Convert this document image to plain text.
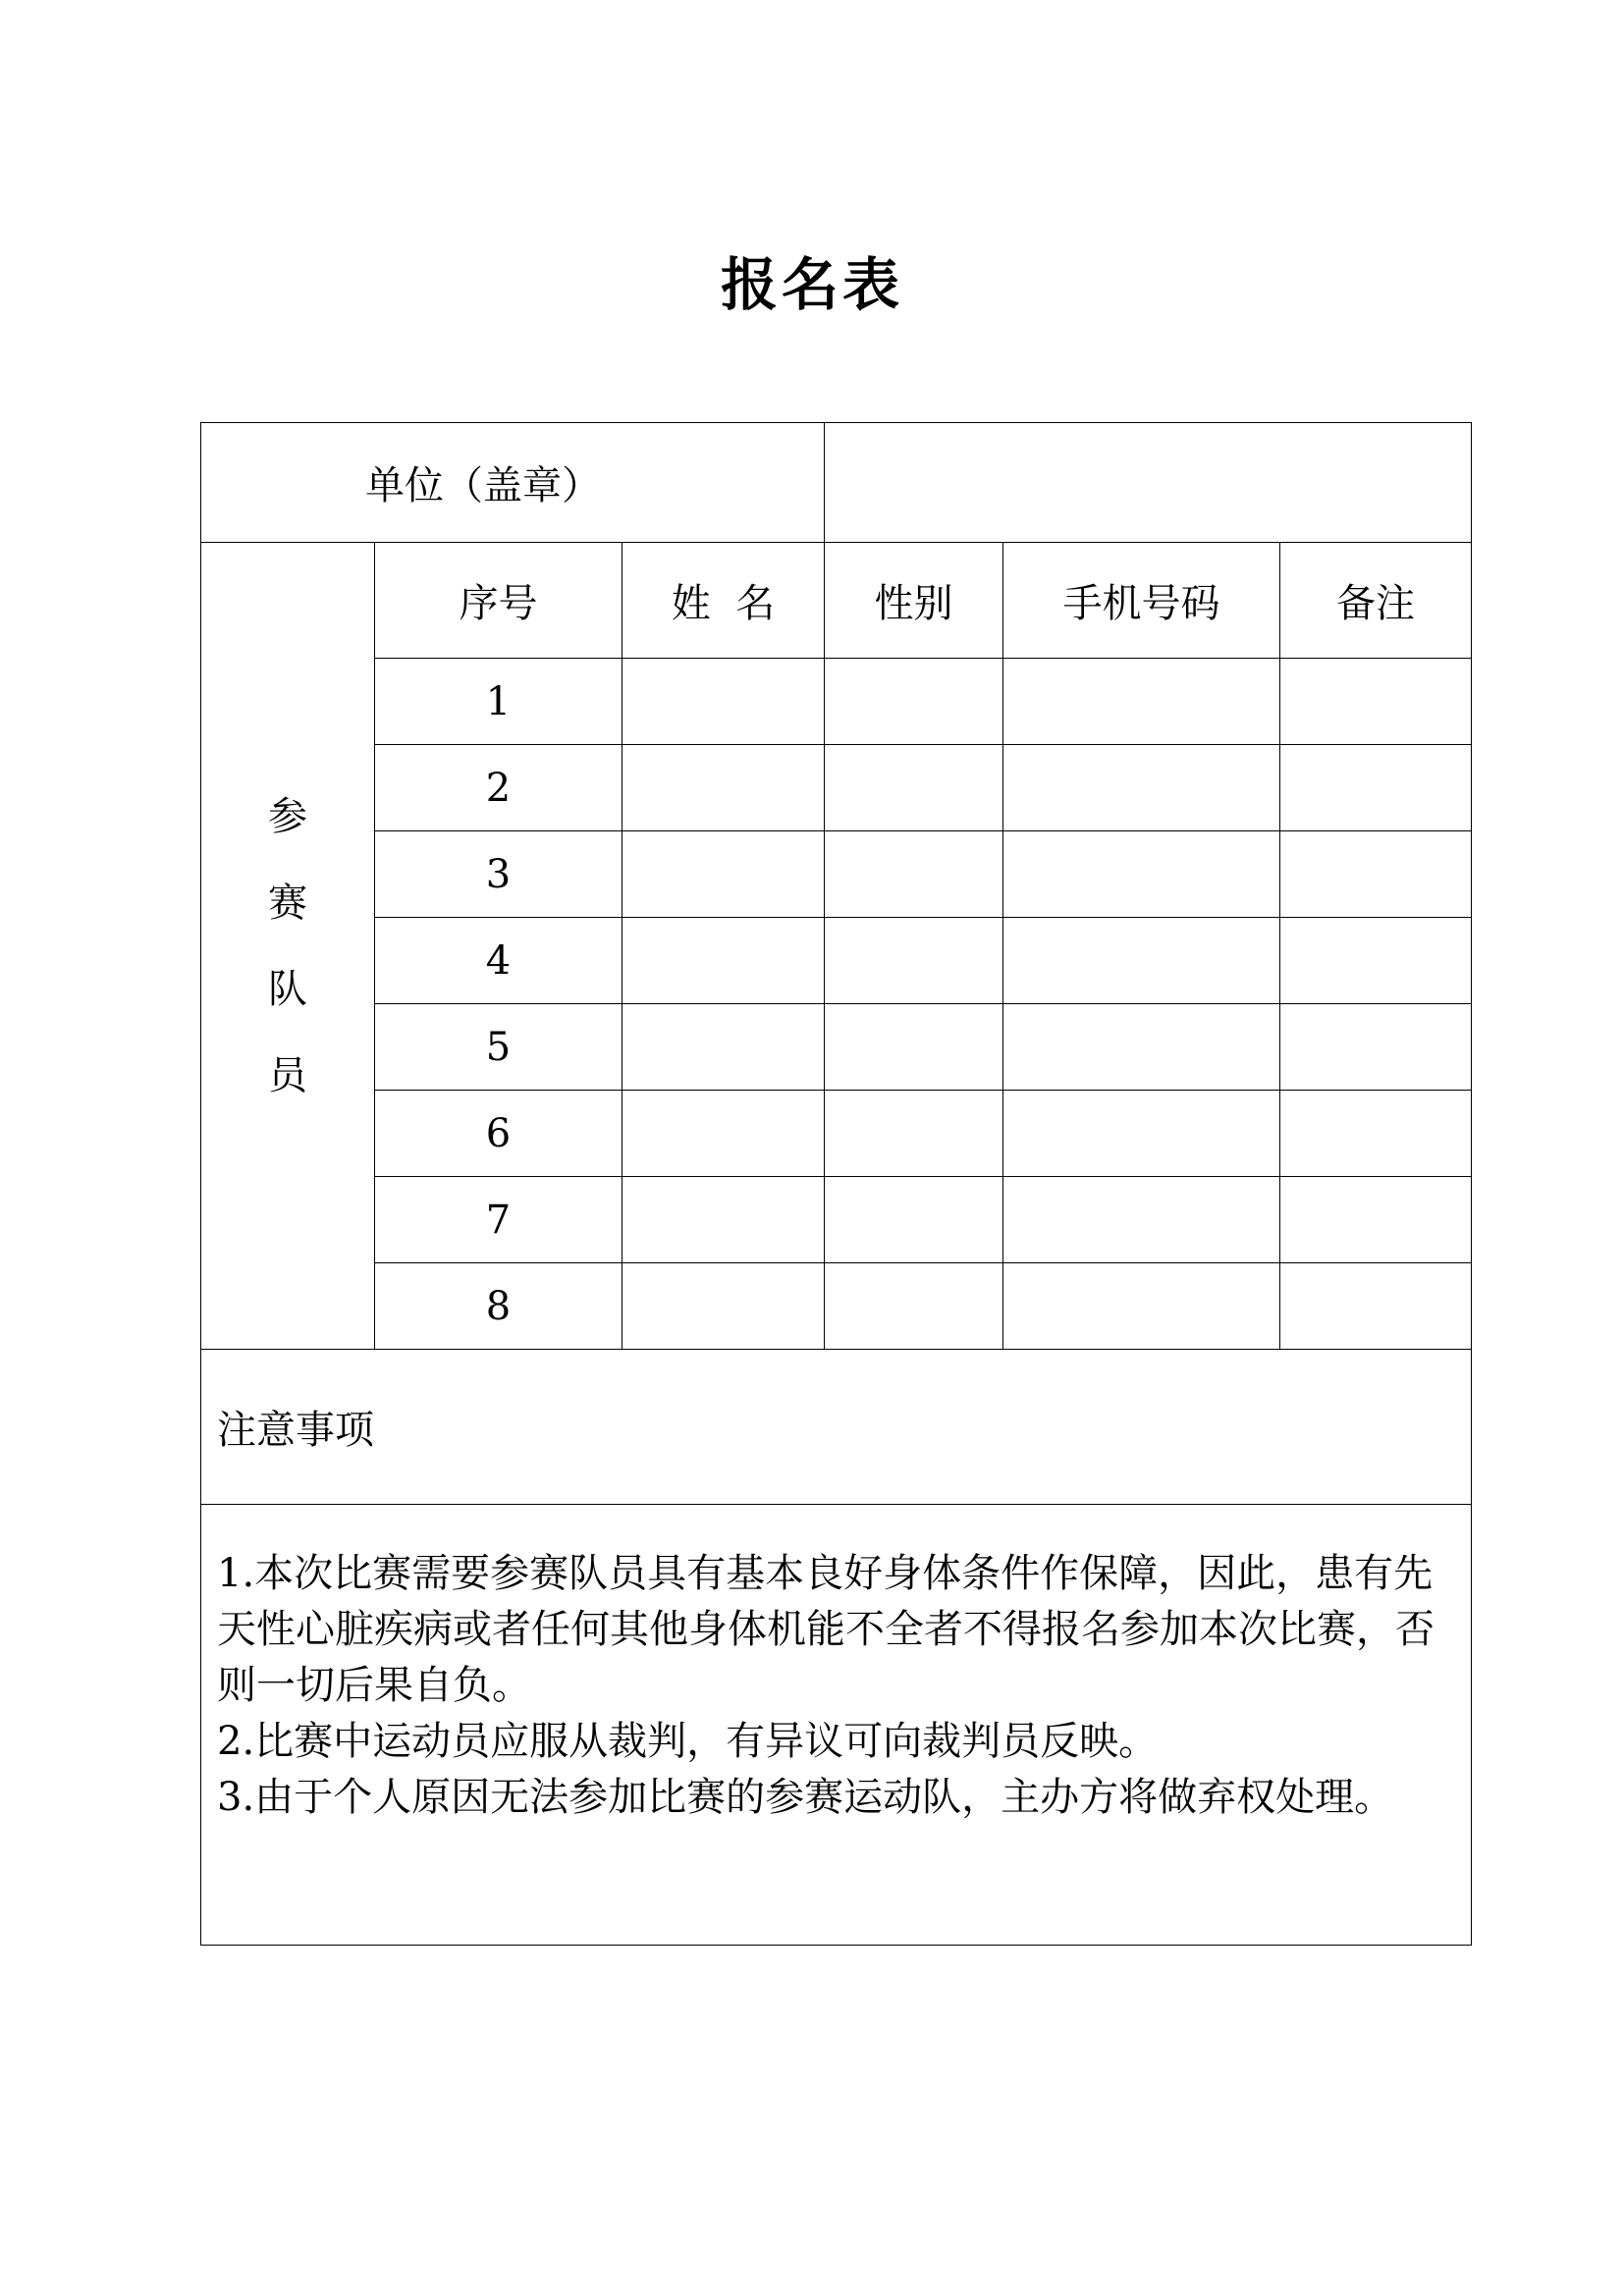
报名表
单位（盖章）					

参
赛
队
员	序号	姓  名	性别	手机号码	备注
	1				
	2				
	3				
	4				
	5				
	6				
	7				
	8				
注意事项					

1.本次比赛需要参赛队员具有基本良好身体条件作保障，因此，患有先天性心脏疾病或者任何其他身体机能不全者不得报名参加本次比赛，否则一切后果自负。

2.比赛中运动员应服从裁判，有异议可向裁判员反映。

3.由于个人原因无法参加比赛的参赛运动队，主办方将做弃权处理。					
